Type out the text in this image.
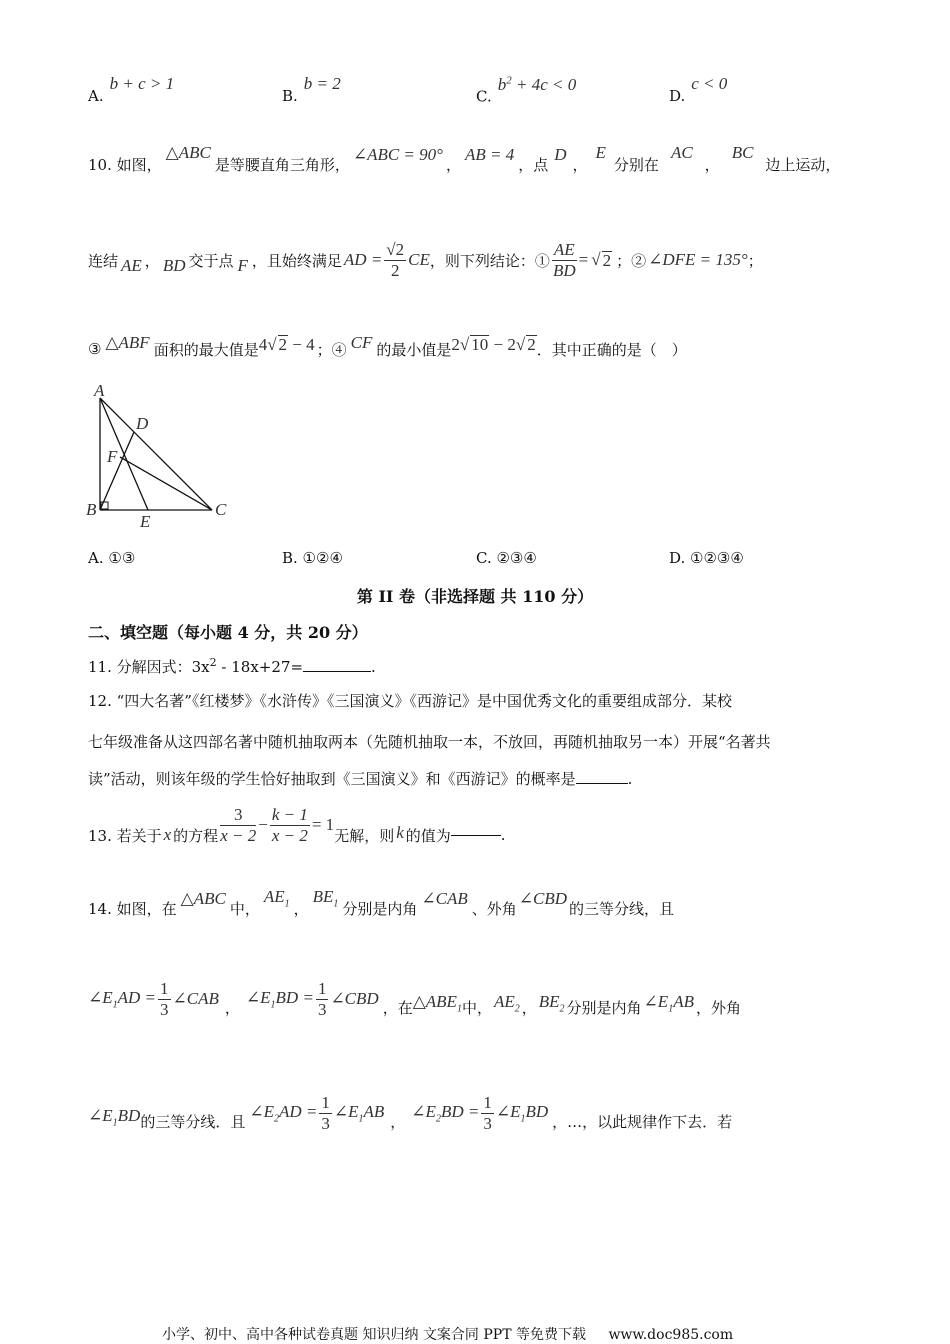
A.b + c > 1
B.b = 2
$C.b^2 + 4c < 0$
D.c < 0
10. 如图，△ABC是等腰直角三角形，∠ABC = 90°，AB = 4，点D，E分别在AC，BC边上运动，
连结 AE ， BD 交于点 F ，且始终满足 AD = $\frac{√2}{2}$ CE ，则下列结论：① $\frac{AE}{BD}$ = √ 2 ；② ∠DFE = 135° ；
③ △ABF 面积的最大值是 4√ 2 − 4 ；④ CF 的最小值是 2√ 10 − 2√ 2 ．其中正确的是（　）
A
B	C
D
E
F
A. ①③	B. ①②④	C. ②③④	D. ①②③④
第 II 卷（非选择题 共 110 分）
二、填空题（每小题 4 分，共 20 分）
11. 分解因式：$3x^2 - 18x+27=$	.
12. “四大名著”《红楼梦》《水浒传》《三国演义》《西游记》是中国优秀文化的重要组成部分．某校
七年级准备从这四部名著中随机抽取两本（先随机抽取一本，不放回，再随机抽取另一本）开展“名著共
读”活动，则该年级的学生恰好抽取到《三国演义》和《西游记》的概率是	.
13. 若关于 x 的方程 $\frac{3}{x - 2} - \frac{k - 1}{x - 2} = 1$
无解，则 k 的值为	.
14. 如图，在△ABC中，$AE_1$ ，$BE_1$ 分别是内角∠CAB、外角∠CBD的三等分线，且
$\angle E_1AD = \frac{1}{3}$ ∠CAB ，
$\angle E_1BD = \frac{1}{3}$ ∠CBD ，在 $\triangle ABE_1$ 中， $AE_2$ ， $BE_2$ 分别是内角 $\angle E_1AB$ ，外角
$\angle E_1BD$ 的三等分线．且
$\angle E_2AD = \frac{1}{3}$ $\angle E_1AB$
，
$\angle E_2BD = \frac{1}{3}$ $\angle E_1BD$
，…，以此规律作下去．若
小学、初中、高中各种试卷真题 知识归纳 文案合同 PPT 等免费下载 www.doc985.com
